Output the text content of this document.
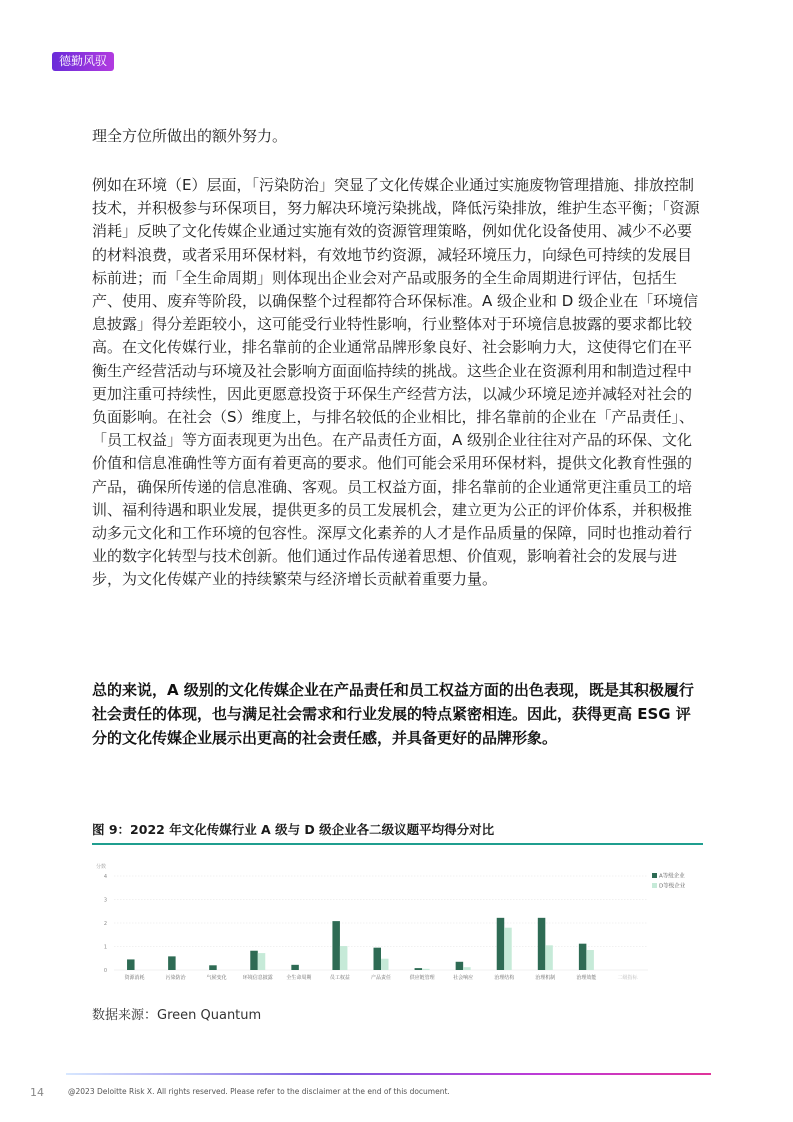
德勤风驭

理全方位所做出的额外努力。

例如在环境（E）层面，「污染防治」突显了文化传媒企业通过实施废物管理措施、排放控制技术，并积极参与环保项目，努力解决环境污染挑战，降低污染排放，维护生态平衡；「资源消耗」反映了文化传媒企业通过实施有效的资源管理策略，例如优化设备使用、减少不必要的材料浪费，或者采用环保材料，有效地节约资源，减轻环境压力，向绿色可持续的发展目标前进；而「全生命周期」则体现出企业会对产品或服务的全生命周期进行评估，包括生产、使用、废弃等阶段，以确保整个过程都符合环保标准。A 级企业和 D 级企业在「环境信息披露」得分差距较小，这可能受行业特性影响，行业整体对于环境信息披露的要求都比较高。在文化传媒行业，排名靠前的企业通常品牌形象良好、社会影响力大，这使得它们在平衡生产经营活动与环境及社会影响方面面临持续的挑战。这些企业在资源利用和制造过程中更加注重可持续性，因此更愿意投资于环保生产经营方法，以减少环境足迹并减轻对社会的负面影响。在社会（S）维度上，与排名较低的企业相比，排名靠前的企业在「产品责任」、「员工权益」等方面表现更为出色。在产品责任方面，A 级别企业往往对产品的环保、文化价值和信息准确性等方面有着更高的要求。他们可能会采用环保材料，提供文化教育性强的产品，确保所传递的信息准确、客观。员工权益方面，排名靠前的企业通常更注重员工的培训、福利待遇和职业发展，提供更多的员工发展机会，建立更为公正的评价体系，并积极推动多元文化和工作环境的包容性。深厚文化素养的人才是作品质量的保障，同时也推动着行业的数字化转型与技术创新。他们通过作品传递着思想、价值观，影响着社会的发展与进步，为文化传媒产业的持续繁荣与经济增长贡献着重要力量。

总的来说，A 级别的文化传媒企业在产品责任和员工权益方面的出色表现，既是其积极履行社会责任的体现，也与满足社会需求和行业发展的特点紧密相连。因此，获得更高 ESG 评分的文化传媒企业展示出更高的社会责任感，并具备更好的品牌形象。

图 9：2022 年文化传媒行业 A 级与 D 级企业各二级议题平均得分对比
0
1
2
3
4
资源消耗	污染防治	气候变化	环境信息披露	全生命周期	员工权益	产品责任	供应链管理	社会响应	治理结构	治理机制	治理效能	二级指标
A等级企业
D等级企业
分数
数据来源：Green Quantum
14	@2023 Deloitte Risk X. All rights reserved. Please refer to the disclaimer at the end of this document.
